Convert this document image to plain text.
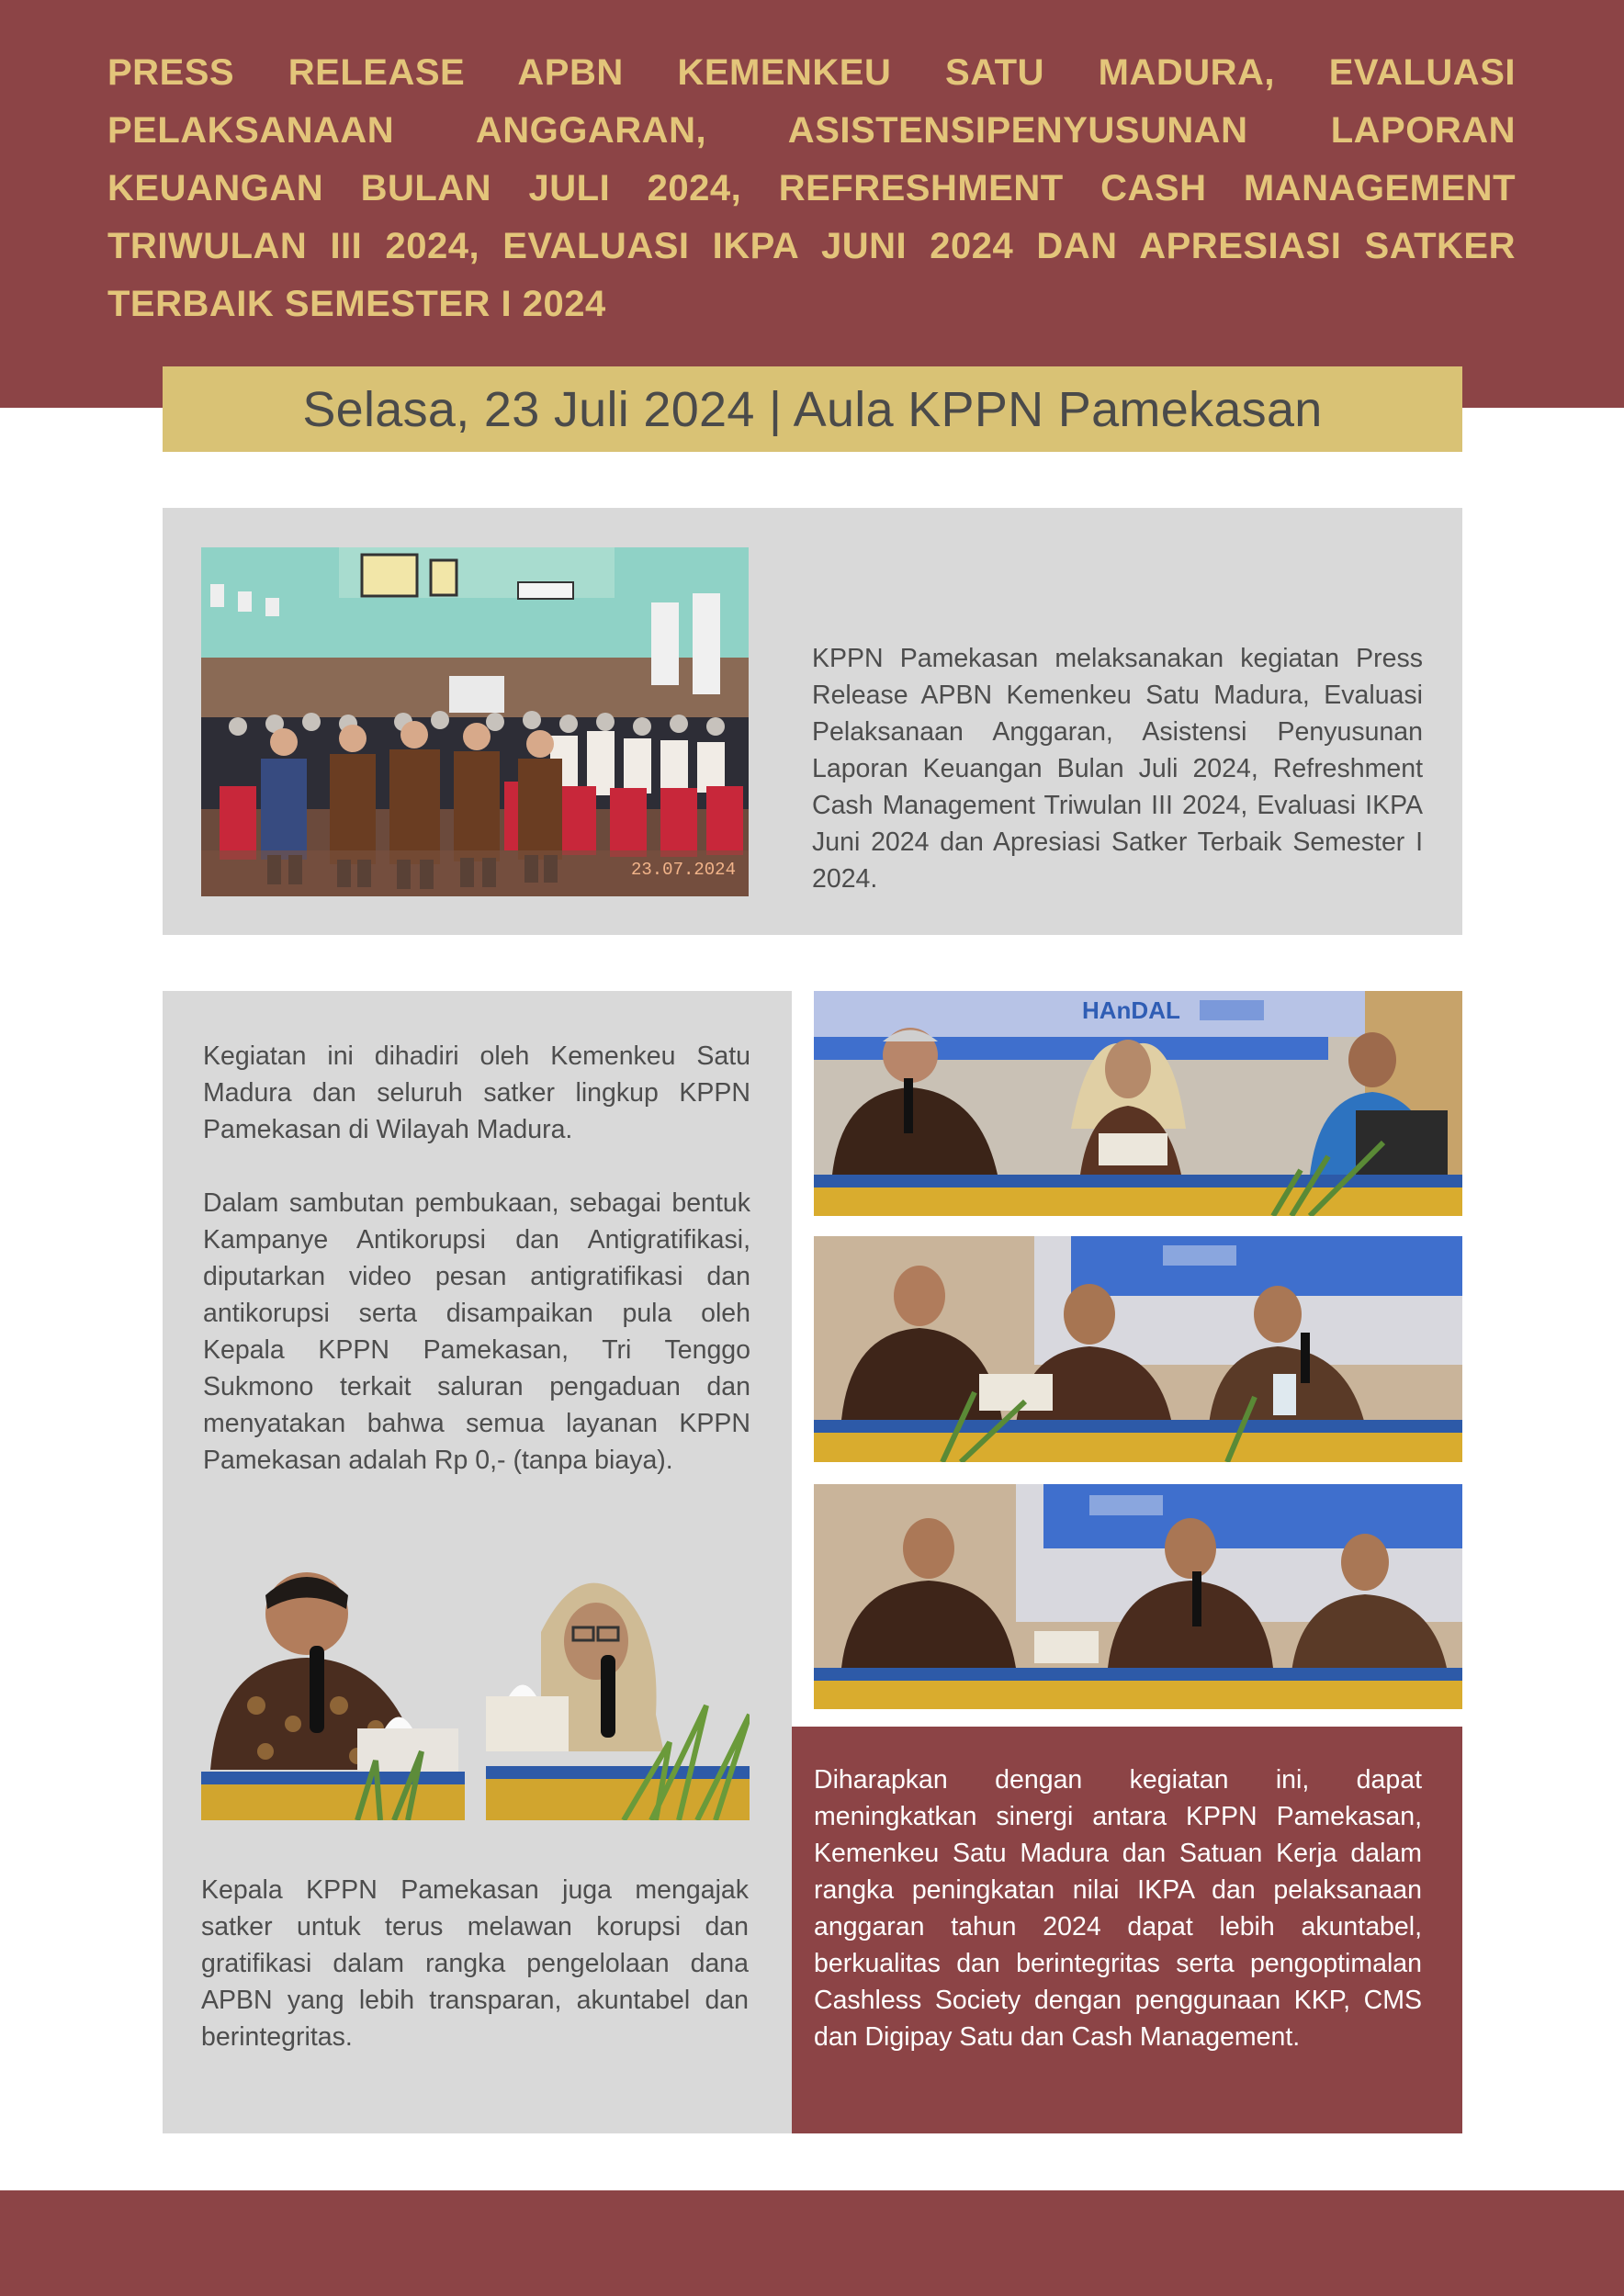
PRESS RELEASE APBN KEMENKEU SATU MADURA, EVALUASI PELAKSANAAN ANGGARAN, ASISTENSIPENYUSUNAN LAPORAN KEUANGAN BULAN JULI 2024, REFRESHMENT CASH MANAGEMENT TRIWULAN III 2024, EVALUASI IKPA JUNI 2024 DAN APRESIASI SATKER TERBAIK SEMESTER I 2024

Selasa, 23 Juli 2024 | Aula KPPN Pamekasan
23.07.2024

KPPN Pamekasan melaksanakan kegiatan Press Release APBN Kemenkeu Satu Madura, Evaluasi Pelaksanaan Anggaran, Asistensi Penyusunan Laporan Keuangan Bulan Juli 2024, Refreshment Cash Management Triwulan III 2024, Evaluasi IKPA Juni 2024 dan Apresiasi Satker Terbaik Semester I 2024.

Kegiatan ini dihadiri oleh Kemenkeu Satu Madura dan seluruh satker lingkup KPPN Pamekasan di Wilayah Madura.

Dalam sambutan pembukaan, sebagai bentuk Kampanye Antikorupsi dan Antigratifikasi, diputarkan video pesan antigratifikasi dan antikorupsi serta disampaikan pula oleh Kepala KPPN Pamekasan, Tri Tenggo Sukmono terkait saluran pengaduan dan menyatakan bahwa semua layanan KPPN Pamekasan adalah Rp 0,- (tanpa biaya).

Kepala KPPN Pamekasan juga mengajak satker untuk terus melawan korupsi dan gratifikasi dalam rangka pengelolaan dana APBN yang lebih transparan, akuntabel dan berintegritas.

HAnDAL

Diharapkan dengan kegiatan ini, dapat meningkatkan sinergi antara KPPN Pamekasan, Kemenkeu Satu Madura dan Satuan Kerja dalam rangka peningkatan nilai IKPA dan pelaksanaan anggaran tahun 2024 dapat lebih akuntabel, berkualitas dan berintegritas serta pengoptimalan Cashless Society dengan penggunaan KKP, CMS dan Digipay Satu dan Cash Management.
